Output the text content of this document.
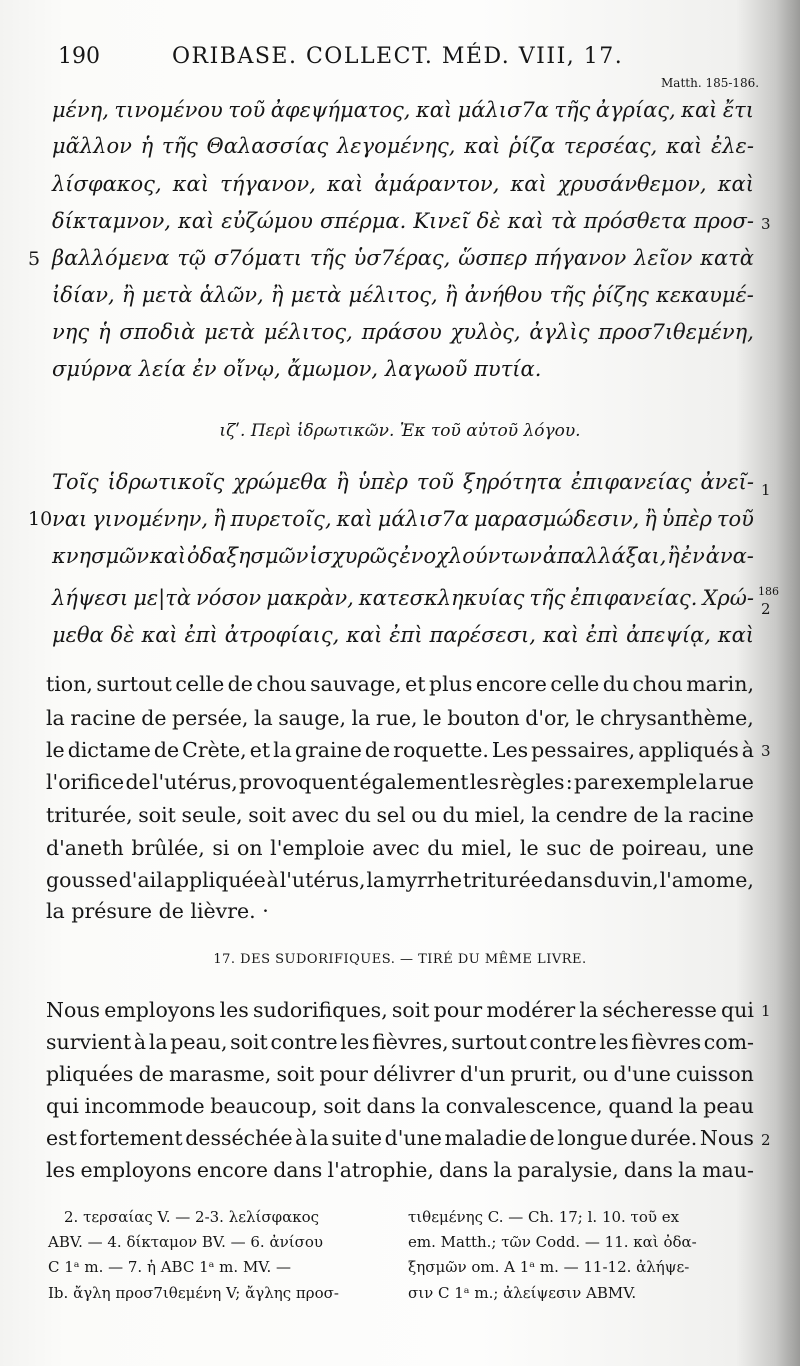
190	ORIBASE. COLLECT. MÉD. VIII, 17.
Matth. 185-186.
μένη, τινομένου τοῦ ἀφεψήματος, καὶ μάλισ7α τῆς ἀγρίας, καὶ ἔτι
μᾶλλον ἡ τῆς Θαλασσίας λεγομένης, καὶ ῥίζα τερσέας, καὶ ἐλε-
λίσφακος, καὶ τήγανον, καὶ ἀμάραντον, καὶ χρυσάνθεμον, καὶ
δίκταμνον, καὶ εὐζώμου σπέρμα. Κινεῖ δὲ καὶ τὰ πρόσθετα προσ-
βαλλόμενα τῷ σ7όματι τῆς ὑσ7έρας, ὥσπερ πήγανον λεῖον κατὰ
ἰδίαν, ἢ μετὰ ἁλῶν, ἢ μετὰ μέλιτος, ἢ ἀνήθου τῆς ῥίζης κεκαυμέ-
νης ἡ σποδιὰ μετὰ μέλιτος, πράσου χυλὸς, ἀγλὶς προσ7ιθεμένη,
σμύρνα λεία ἐν οἴνῳ, ἄμωμον, λαγωοῦ πυτία.
ιζʹ. Περὶ ἱδρωτικῶν. Ἐκ τοῦ αὐτοῦ λόγου.
Τοῖς ἱδρωτικοῖς χρώμεθα ἢ ὑπὲρ τοῦ ξηρότητα ἐπιφανείας ἀνεῖ-
ναι γινομένην, ἢ πυρετοῖς, καὶ μάλισ7α μαρασμώδεσιν, ἢ ὑπὲρ τοῦ
κνησμῶν καὶ ὀδαξησμῶν ἰσχυρῶς ἐνοχλούντων ἀπαλλάξαι, ἢ ἐν ἀνα-
λήψεσι με|τὰ νόσον μακρὰν, κατεσκληκυίας τῆς ἐπιφανείας. Χρώ-
μεθα δὲ καὶ ἐπὶ ἀτροφίαις, καὶ ἐπὶ παρέσεσι, καὶ ἐπὶ ἀπεψίᾳ, καὶ
tion, surtout celle de chou sauvage, et plus encore celle du chou marin,
la racine de persée, la sauge, la rue, le bouton d'or, le chrysanthème,
le dictame de Crète, et la graine de roquette. Les pessaires, appliqués à
l'orifice de l'utérus, provoquent également les règles : par exemple la rue
triturée, soit seule, soit avec du sel ou du miel, la cendre de la racine
d'aneth brûlée, si on l'emploie avec du miel, le suc de poireau, une
gousse d'ail appliquée à l'utérus, la myrrhe triturée dans du vin, l'amome,
la présure de lièvre. ·
17. DES SUDORIFIQUES. — TIRÉ DU MÊME LIVRE.
Nous employons les sudorifiques, soit pour modérer la sécheresse qui
survient à la peau, soit contre les fièvres, surtout contre les fièvres com-
pliquées de marasme, soit pour délivrer d'un prurit, ou d'une cuisson
qui incommode beaucoup, soit dans la convalescence, quand la peau
est fortement desséchée à la suite d'une maladie de longue durée. Nous
les employons encore dans l'atrophie, dans la paralysie, dans la mau-
5
10
3
1
186
2
3
1
2
2. τερσαίας V. — 2-3. λελίσφακος
ABV. — 4. δίκταμον BV. — 6. ἀνίσου
C 1ᵃ m. — 7. ἡ ABC 1ᵃ m. MV. —
Ib. ἄγλη προσ7ιθεμένη V; ἄγλης προσ-
τιθεμένης C. — Ch. 17; l. 10. τοῦ ex
em. Matth.; τῶν Codd. — 11. καὶ ὀδα-
ξησμῶν om. A 1ᵃ m. — 11-12. ἀλήψε-
σιν C 1ᵃ m.; ἀλείψεσιν ABMV.
